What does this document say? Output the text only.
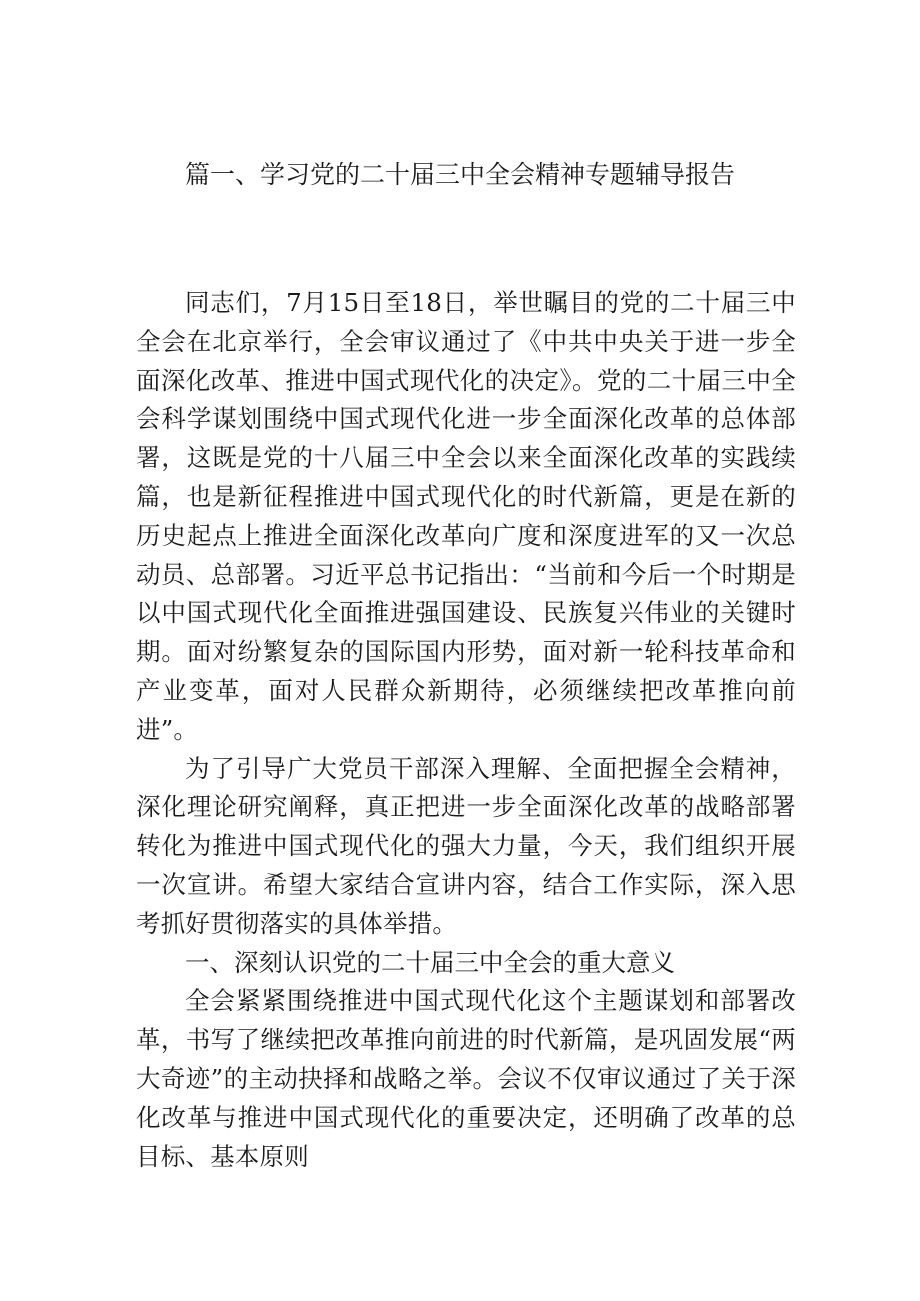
篇一、学习党的二十届三中全会精神专题辅导报告

同志们，7月15日至18日，举世瞩目的党的二十届三中全会在北京举行，全会审议通过了《中共中央关于进一步全面深化改革、推进中国式现代化的决定》。党的二十届三中全会科学谋划围绕中国式现代化进一步全面深化改革的总体部署，这既是党的十八届三中全会以来全面深化改革的实践续篇，也是新征程推进中国式现代化的时代新篇，更是在新的历史起点上推进全面深化改革向广度和深度进军的又一次总动员、总部署。习近平总书记指出：“当前和今后一个时期是以中国式现代化全面推进强国建设、民族复兴伟业的关键时期。面对纷繁复杂的国际国内形势，面对新一轮科技革命和产业变革，面对人民群众新期待，必须继续把改革推向前进”。

为了引导广大党员干部深入理解、全面把握全会精神，深化理论研究阐释，真正把进一步全面深化改革的战略部署转化为推进中国式现代化的强大力量，今天，我们组织开展一次宣讲。希望大家结合宣讲内容，结合工作实际，深入思考抓好贯彻落实的具体举措。

一、深刻认识党的二十届三中全会的重大意义

全会紧紧围绕推进中国式现代化这个主题谋划和部署改革，书写了继续把改革推向前进的时代新篇，是巩固发展“两大奇迹”的主动抉择和战略之举。会议不仅审议通过了关于深化改革与推进中国式现代化的重要决定，还明确了改革的总目标、基本原则
